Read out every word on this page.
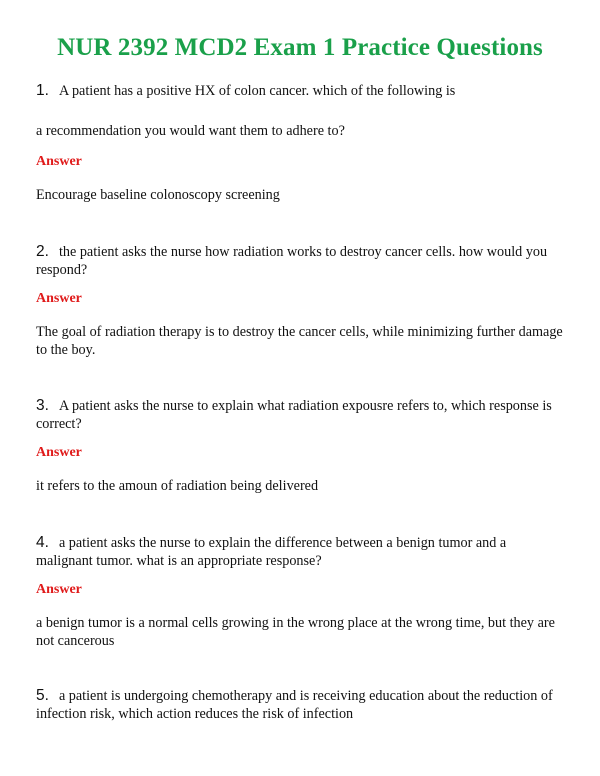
NUR 2392 MCD2 Exam 1 Practice Questions
1. A patient has a positive HX of colon cancer. which of the following is
a recommendation you would want them to adhere to?
Answer
Encourage baseline colonoscopy screening
2. the patient asks the nurse how radiation works to destroy cancer cells. how would you respond?
Answer
The goal of radiation therapy is to destroy the cancer cells, while minimizing further damage to the boy.
3. A patient asks the nurse to explain what radiation expousre refers to, which response is correct?
Answer
it refers to the amoun of radiation being delivered
4. a patient asks the nurse to explain the difference between a benign tumor and a malignant tumor. what is an appropriate response?
Answer
a benign tumor is a normal cells growing in the wrong place at the wrong time, but they are not cancerous
5. a patient is undergoing chemotherapy and is receiving education about the reduction of infection risk, which action reduces the risk of infection
